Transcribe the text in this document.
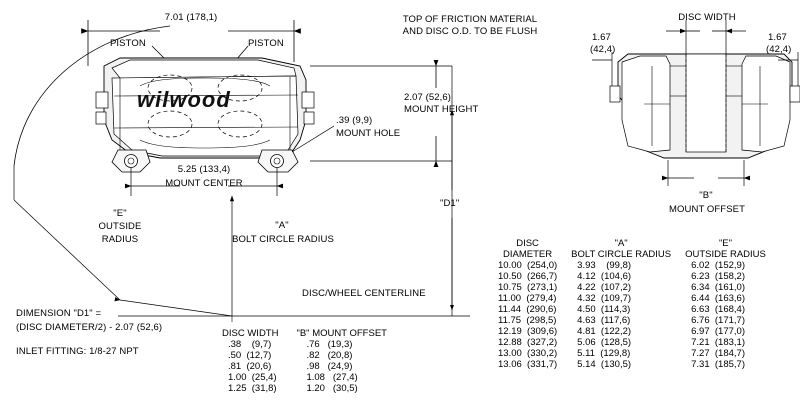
7.01 (178,1)
PISTON	PISTON
wilwood	2.07 (52,6)
MOUNT HEIGHT
.39 (9,9)
MOUNT HOLE
5.25 (133,4)
MOUNT CENTER
TOP OF FRICTION MATERIAL
AND DISC O.D. TO BE FLUSH
"E"
OUTSIDE
RADIUS
"A"
BOLT CIRCLE RADIUS
"D1"
DISC/WHEEL CENTERLINE
DIMENSION "D1" =
(DISC DIAMETER/2) - 2.07 (52,6)
INLET FITTING: 1/8-27 NPT
DISC WIDTH
1.67
(42,4)
1.67
(42,4)
"B"
MOUNT OFFSET
DISC	"A"	"E"
DIAMETER	BOLT CIRCLE RADIUS	OUTSIDE RADIUS
10.00  (254,0)	3.93    (99,8)	6.02  (152,9)
10.50  (266,7)	4.12  (104,6)	6.23  (158,2)
10.75  (273,1)	4.22  (107,2)	6.34  (161,0)
11.00  (279,4)	4.32  (109,7)	6.44  (163,6)
11.44  (290,6)	4.50  (114,3)	6.63  (168,4)
11.75  (298,5)	4.63  (117,6)	6.76  (171,7)
12.19  (309,6)	4.81  (122,2)	6.97  (177,0)
12.88  (327,2)	5.06  (128,5)	7.21  (183,1)
13.00  (330,2)	5.11  (129,8)	7.27  (184,7)
13.06  (331,7)	5.14  (130,5)	7.31  (185,7)
DISC WIDTH	"B" MOUNT OFFSET
.38    (9,7)	.76   (19,3)
.50  (12,7)	.82   (20,8)
.81  (20,6)	.98   (24,9)
1.00  (25,4)	1.08   (27,4)
1.25  (31,8)	1.20   (30,5)
